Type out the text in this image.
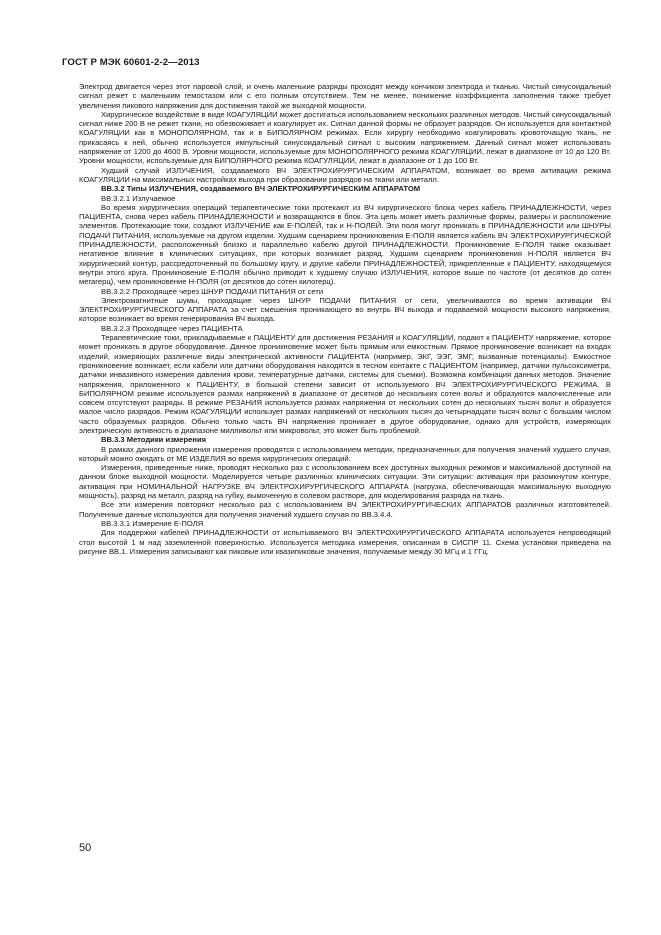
ГОСТ Р МЭК 60601-2-2—2013

Электрод двигается через этот паровой слой, и очень маленькие разряды проходят между кончиком электрода и тканью. Чистый синусоидальный сигнал режет с маленьким гемостазом или с его полным отсутствием. Тем не менее, понижение коэффициента заполнения также требует увеличения пикового напряжения для достижения такой же выходной мощности.

Хирургическое воздействие в виде КОАГУЛЯЦИИ может достигаться использованием нескольких различных методов. Чистый синусоидальный сигнал ниже 200 В не режет ткани, но обезвоживает и коагулирует их. Сигнал данной формы не образует разрядов. Он используется для контактной КОАГУЛЯЦИИ как в МОНОПОЛЯРНОМ, так и в БИПОЛЯРНОМ режимах. Если хирургу необходимо коагулировать кровоточащую ткань, не прикасаясь к ней, обычно используется импульсный синусоидальный сигнал с высоким напряжением. Данный сигнал может использовать напряжение от 1200 до 4600 В. Уровни мощности, используемые для МОНОПОЛЯРНОГО режима КОАГУЛЯЦИИ, лежат в диапазоне от 10 до 120 Вт. Уровни мощности, используемые для БИПОЛЯРНОГО режима КОАГУЛЯЦИИ, лежат в диапазоне от 1 до 100 Вт.

Худший случай ИЗЛУЧЕНИЯ, создаваемого ВЧ ЭЛЕКТРОХИРУРГИЧЕСКИМ АППАРАТОМ, возникает во время активации режима КОАГУЛЯЦИИ на максимальных настройках выхода при образовании разрядов на ткани или металл.

ВВ.3.2 Типы ИЗЛУЧЕНИЯ, создаваемого ВЧ ЭЛЕКТРОХИРУРГИЧЕСКИМ АППАРАТОМ

ВВ.3.2.1 Излучаемое

Во время хирургических операций терапевтические токи протекают из ВЧ хирургического блока через кабель ПРИНАДЛЕЖНОСТИ, через ПАЦИЕНТА, снова через кабель ПРИНАДЛЕЖНОСТИ и возвращаются в блок. Эта цепь может иметь различные формы, размеры и расположение элементов. Протекающие токи, создают ИЗЛУЧЕНИЕ как Е-ПОЛЕЙ, так и Н-ПОЛЕЙ. Эти поля могут проникать в ПРИНАДЛЕЖНОСТИ или ШНУРЫ ПОДАЧИ ПИТАНИЯ, используемые на другом изделии. Худшим сценарием проникновения Е-ПОЛЯ является кабель ВЧ ЭЛЕКТРОХИРУРГИЧЕСКОЙ ПРИНАДЛЕЖНОСТИ, расположенный близко и параллельно кабелю другой ПРИНАДЛЕЖНОСТИ. Проникновение Е-ПОЛЯ также оказывает негативное влияние в клинических ситуациях, при которых возникает разряд. Худшим сценарием проникновения Н-ПОЛЯ является ВЧ хирургический контур, рассредоточенный по большому кругу, и другие кабели ПРИНАДЛЕЖНОСТЕЙ, прикрепленные к ПАЦИЕНТУ, находящемуся внутри этого круга. Проникновение Е-ПОЛЯ обычно приводит к худшему случаю ИЗЛУЧЕНИЯ, которое выше по частоте (от десятков до сотен мегагерц), чем проникновение Н-ПОЛЯ (от десятков до сотен килогерц).

ВВ.3.2.2 Проходящее через ШНУР ПОДАЧИ ПИТАНИЯ от сети

Электромагнитные шумы, проходящие через ШНУР ПОДАЧИ ПИТАНИЯ от сети, увеличиваются во время активации ВЧ ЭЛЕКТРОХИРУРГИЧЕСКОГО АППАРАТА за счет смешения проникающего во внутрь ВЧ выхода и подаваемой мощности высокого напряжения, которое возникает во время генерирования ВЧ выхода.

ВВ.3.2.3 Проходящее через ПАЦИЕНТА

Терапевтические токи, прикладываемые к ПАЦИЕНТУ для достижения РЕЗАНИЯ и КОАГУЛЯЦИИ, подают к ПАЦИЕНТУ напряжение, которое может проникать в другое оборудование. Данное проникновение может быть прямым или емкостным. Прямое проникновение возникает на входах изделий, измеряющих различные виды электрической активности ПАЦИЕНТА (например, ЭКГ, ЭЭГ, ЭМГ, вызванные потенциалы). Емкостное проникновение возникает, если кабели или датчики оборудования находятся в тесном контакте с ПАЦИЕНТОМ (например, датчики пульсоксиметра, датчики инвазивного измерения давления крови, температурные датчики, системы для съемки). Возможна комбинация данных методов. Значение напряжения, приложенного к ПАЦИЕНТУ, в большой степени зависит от используемого ВЧ ЭЛЕКТРОХИРУРГИЧЕСКОГО РЕЖИМА. В БИПОЛЯРНОМ режиме используется размах напряжений в диапазоне от десятков до нескольких сотен вольт и образуются малочисленные или совсем отсутствуют разряды. В режиме РЕЗАНИЯ используется размах напряжения от нескольких сотен до нескольких тысяч вольт и образуется малое число разрядов. Режим КОАГУЛЯЦИИ использует размах напряжений от нескольких тысяч до четырнадцати тысяч вольт с большим числом часто образуемых разрядов. Обычно только часть ВЧ напряжения проникает в другое оборудование, однако для устройств, измеряющих электрическую активность в диапазоне милливольт или микровольт, это может быть проблемой.

ВВ.3.3 Методики измерения

В рамках данного приложения измерения проводятся с использованием методик, предназначенных для получения значений худшего случая, который можно ожидать от МЕ ИЗДЕЛИЯ во время хирургических операций.

Измерения, приведенные ниже, проводят несколько раз с использованием всех доступных выходных режимов и максимальной доступной на данном блоке выходной мощности. Моделируется четыре различных клинических ситуации. Эти ситуации: активация при разомкнутом контуре, активация при НОМИНАЛЬНОЙ НАГРУЗКЕ ВЧ ЭЛЕКТРОХИРУРГИЧЕСКОГО АППАРАТА (нагрузка, обеспечивающая максимальную выходную мощность), разряд на металл, разряд на губку, вымоченную в солевом растворе, для моделирования разряда на ткань.

Все эти измерения повторяют несколько раз с использованием ВЧ ЭЛЕКТРОХИРУРГИЧЕСКИХ АППАРАТОВ различных изготовителей. Полученные данные используются для получения значений худшего случая по ВВ.3.4.4.

ВВ.3.3.1 Измерение Е-ПОЛЯ

Для поддержки кабелей ПРИНАДЛЕЖНОСТИ от испытываемого ВЧ ЭЛЕКТРОХИРУРГИЧЕСКОГО АППАРАТА используется непроводящий стол высотой 1 м над заземленной поверхностью. Используется методика измерения, описанная в СИСПР 11. Схема установки приведена на рисунке ВВ.1. Измерения записывают как пиковые или квазипиковые значения, получаемые между 30 МГц и 1 ГГц.

50
